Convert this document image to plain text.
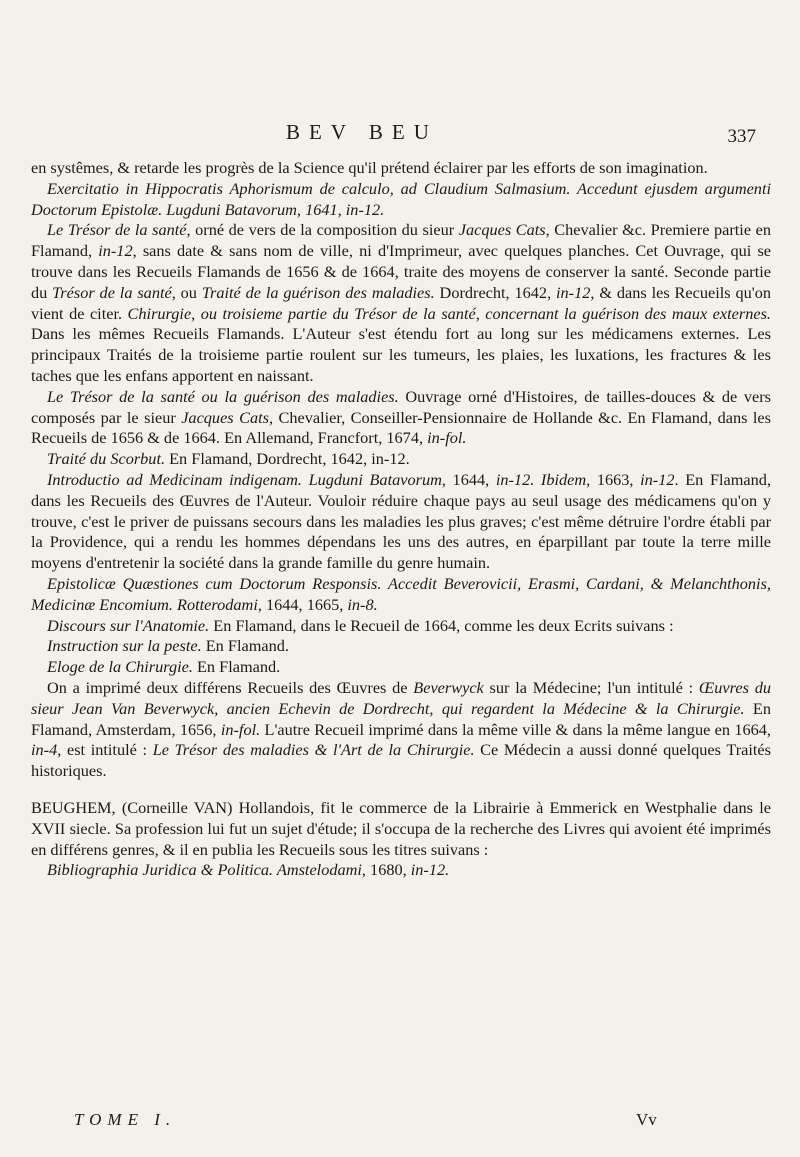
BEV BEU	337

en systêmes, & retarde les progrès de la Science qu'il prétend éclairer par les efforts de son imagination.

Exercitatio in Hippocratis Aphorismum de calculo, ad Claudium Salmasium. Accedunt ejusdem argumenti Doctorum Epistolæ. Lugduni Batavorum, 1641, in-12.

Le Trésor de la santé, orné de vers de la composition du sieur Jacques Cats, Chevalier &c. Premiere partie en Flamand, in-12, sans date & sans nom de ville, ni d'Imprimeur, avec quelques planches. Cet Ouvrage, qui se trouve dans les Recueils Flamands de 1656 & de 1664, traite des moyens de conserver la santé. Seconde partie du Trésor de la santé, ou Traité de la guérison des maladies. Dordrecht, 1642, in-12, & dans les Recueils qu'on vient de citer. Chirurgie, ou troisieme partie du Trésor de la santé, concernant la guérison des maux externes. Dans les mêmes Recueils Flamands. L'Auteur s'est étendu fort au long sur les médicamens externes. Les principaux Traités de la troisieme partie roulent sur les tumeurs, les plaies, les luxations, les fractures & les taches que les enfans apportent en naissant.

Le Trésor de la santé ou la guérison des maladies. Ouvrage orné d'Histoires, de tailles-douces & de vers composés par le sieur Jacques Cats, Chevalier, Conseiller-Pensionnaire de Hollande &c. En Flamand, dans les Recueils de 1656 & de 1664. En Allemand, Francfort, 1674, in-fol.

Traité du Scorbut. En Flamand, Dordrecht, 1642, in-12.

Introductio ad Medicinam indigenam. Lugduni Batavorum, 1644, in-12. Ibidem, 1663, in-12. En Flamand, dans les Recueils des Œuvres de l'Auteur. Vouloir réduire chaque pays au seul usage des médicamens qu'on y trouve, c'est le priver de puissans secours dans les maladies les plus graves; c'est même détruire l'ordre établi par la Providence, qui a rendu les hommes dépendans les uns des autres, en éparpillant par toute la terre mille moyens d'entretenir la société dans la grande famille du genre humain.

Epistolicæ Quæstiones cum Doctorum Responsis. Accedit Beverovicii, Erasmi, Cardani, & Melanchthonis, Medicinæ Encomium. Rotterodami, 1644, 1665, in-8.

Discours sur l'Anatomie. En Flamand, dans le Recueil de 1664, comme les deux Ecrits suivans :

Instruction sur la peste. En Flamand.

Eloge de la Chirurgie. En Flamand.

On a imprimé deux différens Recueils des Œuvres de Beverwyck sur la Médecine; l'un intitulé : Œuvres du sieur Jean Van Beverwyck, ancien Echevin de Dordrecht, qui regardent la Médecine & la Chirurgie. En Flamand, Amsterdam, 1656, in-fol. L'autre Recueil imprimé dans la même ville & dans la même langue en 1664, in-4, est intitulé : Le Trésor des maladies & l'Art de la Chirurgie. Ce Médecin a aussi donné quelques Traités historiques.

BEUGHEM, (Corneille VAN) Hollandois, fit le commerce de la Librairie à Emmerick en Westphalie dans le XVII siecle. Sa profession lui fut un sujet d'étude; il s'occupa de la recherche des Livres qui avoient été imprimés en différens genres, & il en publia les Recueils sous les titres suivans :

Bibliographia Juridica & Politica. Amstelodami, 1680, in-12.

TOME I.	Vv
